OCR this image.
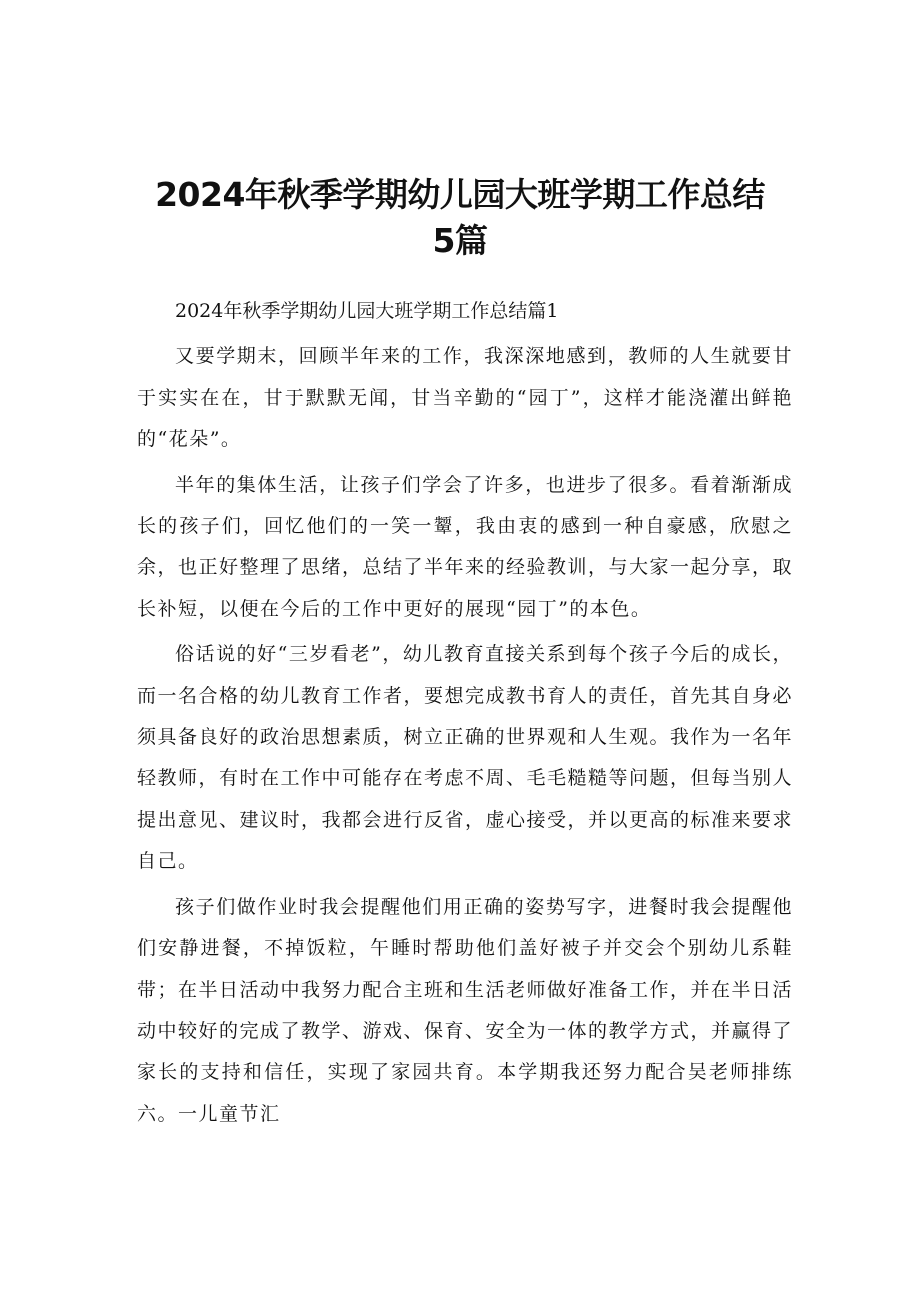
2024年秋季学期幼儿园大班学期工作总结
5篇

2024年秋季学期幼儿园大班学期工作总结篇1

又要学期末，回顾半年来的工作，我深深地感到，教师的人生就要甘于实实在在，甘于默默无闻，甘当辛勤的“园丁”，这样才能浇灌出鲜艳的“花朵”。

半年的集体生活，让孩子们学会了许多，也进步了很多。看着渐渐成长的孩子们，回忆他们的一笑一颦，我由衷的感到一种自豪感，欣慰之余，也正好整理了思绪，总结了半年来的经验教训，与大家一起分享，取长补短，以便在今后的工作中更好的展现“园丁”的本色。

俗话说的好“三岁看老”，幼儿教育直接关系到每个孩子今后的成长，而一名合格的幼儿教育工作者，要想完成教书育人的责任，首先其自身必须具备良好的政治思想素质，树立正确的世界观和人生观。我作为一名年轻教师，有时在工作中可能存在考虑不周、毛毛糙糙等问题，但每当别人提出意见、建议时，我都会进行反省，虚心接受，并以更高的标准来要求自己。

孩子们做作业时我会提醒他们用正确的姿势写字，进餐时我会提醒他们安静进餐，不掉饭粒，午睡时帮助他们盖好被子并交会个别幼儿系鞋带；在半日活动中我努力配合主班和生活老师做好准备工作，并在半日活动中较好的完成了教学、游戏、保育、安全为一体的教学方式，并赢得了家长的支持和信任，实现了家园共育。本学期我还努力配合吴老师排练六。一儿童节汇
